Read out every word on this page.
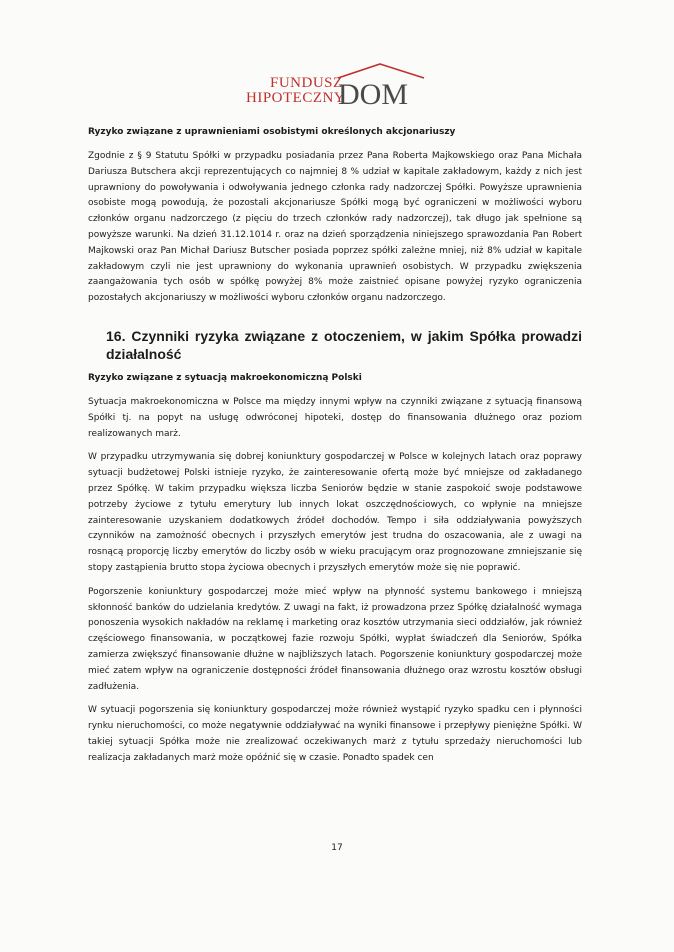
FUNDUSZ
HIPOTECZNY
DOM
Ryzyko związane z uprawnieniami osobistymi określonych akcjonariuszy

Zgodnie z § 9 Statutu Spółki w przypadku posiadania przez Pana Roberta Majkowskiego oraz Pana Michała Dariusza Butschera akcji reprezentujących co najmniej 8 % udział w kapitale zakładowym, każdy z nich jest uprawniony do powoływania i odwoływania jednego członka rady nadzorczej Spółki. Powyższe uprawnienia osobiste mogą powodują, że pozostali akcjonariusze Spółki mogą być ograniczeni w możliwości wyboru członków organu nadzorczego (z pięciu do trzech członków rady nadzorczej), tak długo jak spełnione są powyższe warunki. Na dzień 31.12.1014 r. oraz na dzień sporządzenia niniejszego sprawozdania Pan Robert Majkowski oraz Pan Michał Dariusz Butscher posiada poprzez spółki zależne mniej, niż 8% udział w kapitale zakładowym czyli nie jest uprawniony do wykonania uprawnień osobistych. W przypadku zwiększenia zaangażowania tych osób w spółkę powyżej 8% może zaistnieć opisane powyżej ryzyko ograniczenia pozostałych akcjonariuszy w możliwości wyboru członków organu nadzorczego.

16. Czynniki ryzyka związane z otoczeniem, w jakim Spółka prowadzi działalność
Ryzyko związane z sytuacją makroekonomiczną Polski

Sytuacja makroekonomiczna w Polsce ma między innymi wpływ na czynniki związane z sytuacją finansową Spółki tj. na popyt na usługę odwróconej hipoteki, dostęp do finansowania dłużnego oraz poziom realizowanych marż.

W przypadku utrzymywania się dobrej koniunktury gospodarczej w Polsce w kolejnych latach oraz poprawy sytuacji budżetowej Polski istnieje ryzyko, że zainteresowanie ofertą może być mniejsze od zakładanego przez Spółkę. W takim przypadku większa liczba Seniorów będzie w stanie zaspokoić swoje podstawowe potrzeby życiowe z tytułu emerytury lub innych lokat oszczędnościowych, co wpłynie na mniejsze zainteresowanie uzyskaniem dodatkowych źródeł dochodów. Tempo i siła oddziaływania powyższych czynników na zamożność obecnych i przyszłych emerytów jest trudna do oszacowania, ale z uwagi na rosnącą proporcję liczby emerytów do liczby osób w wieku pracującym oraz prognozowane zmniejszanie się stopy zastąpienia brutto stopa życiowa obecnych i przyszłych emerytów może się nie poprawić.

Pogorszenie koniunktury gospodarczej może mieć wpływ na płynność systemu bankowego i mniejszą skłonność banków do udzielania kredytów. Z uwagi na fakt, iż prowadzona przez Spółkę działalność wymaga ponoszenia wysokich nakładów na reklamę i marketing oraz kosztów utrzymania sieci oddziałów, jak również częściowego finansowania, w początkowej fazie rozwoju Spółki, wypłat świadczeń dla Seniorów, Spółka zamierza zwiększyć finansowanie dłużne w najbliższych latach. Pogorszenie koniunktury gospodarczej może mieć zatem wpływ na ograniczenie dostępności źródeł finansowania dłużnego oraz wzrostu kosztów obsługi zadłużenia.

W sytuacji pogorszenia się koniunktury gospodarczej może również wystąpić ryzyko spadku cen i płynności rynku nieruchomości, co może negatywnie oddziaływać na wyniki finansowe i przepływy pieniężne Spółki. W takiej sytuacji Spółka może nie zrealizować oczekiwanych marż z tytułu sprzedaży nieruchomości lub realizacja zakładanych marż może opóźnić się w czasie. Ponadto spadek cen

17
